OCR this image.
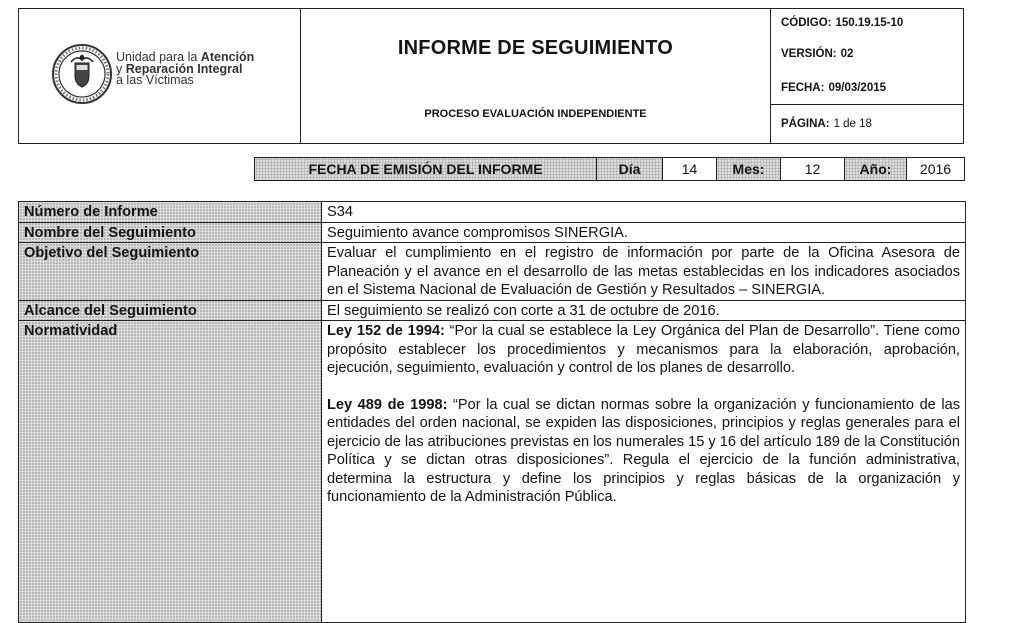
Unidad para la Atención
y Reparación Integral
a las Víctimas
INFORME DE SEGUIMIENTO
PROCESO EVALUACIÓN INDEPENDIENTE
CÓDIGO: 150.19.15-10
VERSIÓN: 02
FECHA: 09/03/2015
PÁGINA: 1 de 18
FECHA DE EMISIÓN DEL INFORME	Día	14	Mes:	12	Año:	2016
Número de Informe	S34
Nombre del Seguimiento	Seguimiento avance compromisos SINERGIA.
Objetivo del Seguimiento	Evaluar el cumplimiento en el registro de información por parte de la Oficina Asesora de Planeación y el avance en el desarrollo de las metas establecidas en los indicadores asociados en el Sistema Nacional de Evaluación de Gestión y Resultados – SINERGIA.
Alcance del Seguimiento	El seguimiento se realizó con corte a 31 de octubre de 2016.
Normatividad	Ley 152 de 1994: “Por la cual se establece la Ley Orgánica del Plan de Desarrollo”. Tiene como propósito establecer los procedimientos y mecanismos para la elaboración, aprobación, ejecución, seguimiento, evaluación y control de los planes de desarrollo.

Ley 489 de 1998: “Por la cual se dictan normas sobre la organización y funcionamiento de las entidades del orden nacional, se expiden las disposiciones, principios y reglas generales para el ejercicio de las atribuciones previstas en los numerales 15 y 16 del artículo 189 de la Constitución Política y se dictan otras disposiciones”. Regula el ejercicio de la función administrativa, determina la estructura y define los principios y reglas básicas de la organización y funcionamiento de la Administración Pública.
